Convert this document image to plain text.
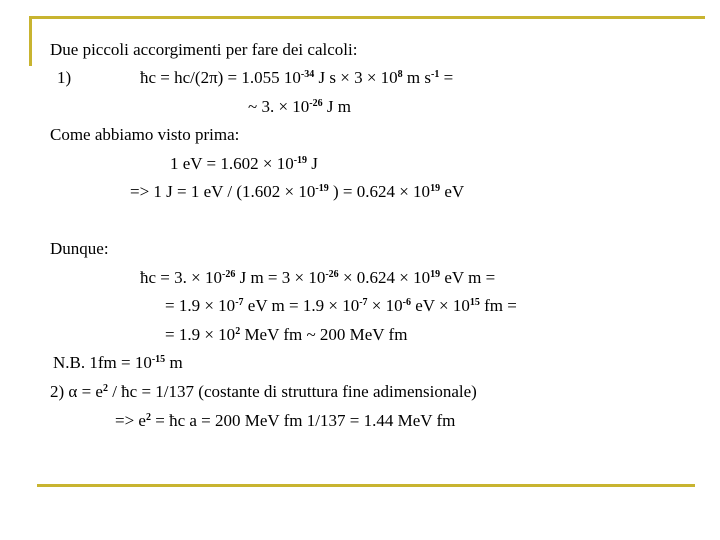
Due piccoli accorgimenti per fare dei calcoli:
1)	ħc = hc/(2π) = 1.055 $10^{-34}$ J $s \times 3 \times 10^8$ m $s^{-1}$ =
~ 3. × $10^{-26}$ J m
Come abbiamo visto prima:
1 eV = $1.602 \times 10^{-19}$ J
=> 1 J = 1 eV / ($1.602 \times 10^{-19}$ ) = $0.624 \times 10^{19}$ eV
Dunque:
ħc = 3. × $10^{-26}$ J $m = 3 \times 10^{-26} \times 0.624 \times 10^{19}$ eV m =
= $1.9 \times 10^{-7}$ eV $m = 1.9 \times 10^{-7} \times 10^{-6}$ eV × $10^{15}$ fm =
= $1.9 \times 10^2$ MeV fm ~ 200 MeV fm
N.B. $1fm = 10^{-15}$ m
2) $\alpha = e^2$ / ħc = 1/137 (costante di struttura fine adimensionale)
=> $e^2$ = ħc a = 200 MeV fm 1/137 = 1.44 MeV fm
